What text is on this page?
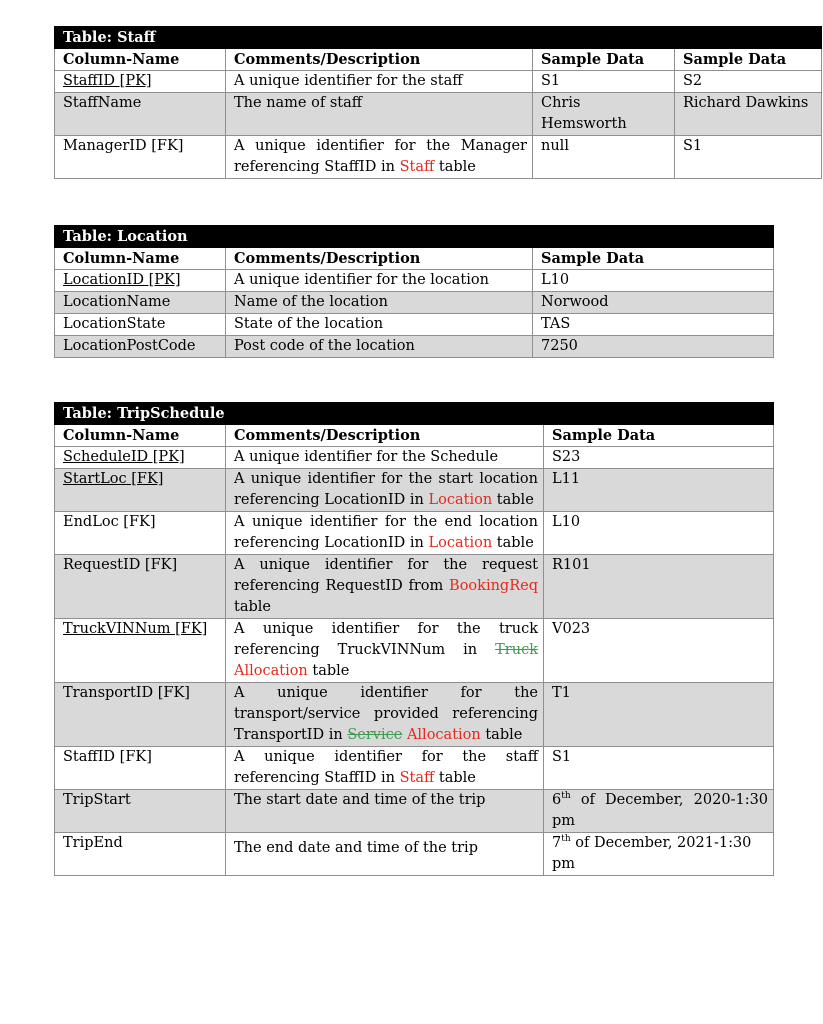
Table: Staff			
Column-Name	Comments/Description	Sample Data	Sample Data
StaffID [PK]	A unique identifier for the staff	S1	S2
StaffName	The name of staff	Chris Hemsworth	Richard Dawkins
ManagerID [FK]	A unique identifier for the Manager referencing StaffID in Staff table	null	S1
Table: Location		
Column-Name	Comments/Description	Sample Data
LocationID [PK]	A unique identifier for the location	L10
LocationName	Name of the location	Norwood
LocationState	State of the location	TAS
LocationPostCode	Post code of the location	7250
Table: TripSchedule		
Column-Name	Comments/Description	Sample Data
ScheduleID [PK]	A unique identifier for the Schedule	S23
StartLoc [FK]	A unique identifier for the start location referencing LocationID in Location table	L11
EndLoc [FK]	A unique identifier for the end location referencing LocationID in Location table	L10
RequestID [FK]	A unique identifier for the request referencing RequestID from BookingReq table	R101
TruckVINNum [FK]	A unique identifier for the truck referencing TruckVINNum in Truck Allocation table	V023
TransportID [FK]	A unique identifier for the transport/service provided referencing TransportID in Service Allocation table	T1
StaffID [FK]	A unique identifier for the staff referencing StaffID in Staff table	S1
TripStart	The start date and time of the trip	6th of December, 2020-1:30 pm
TripEnd	The end date and time of the trip	7th of December, 2021-1:30 pm
